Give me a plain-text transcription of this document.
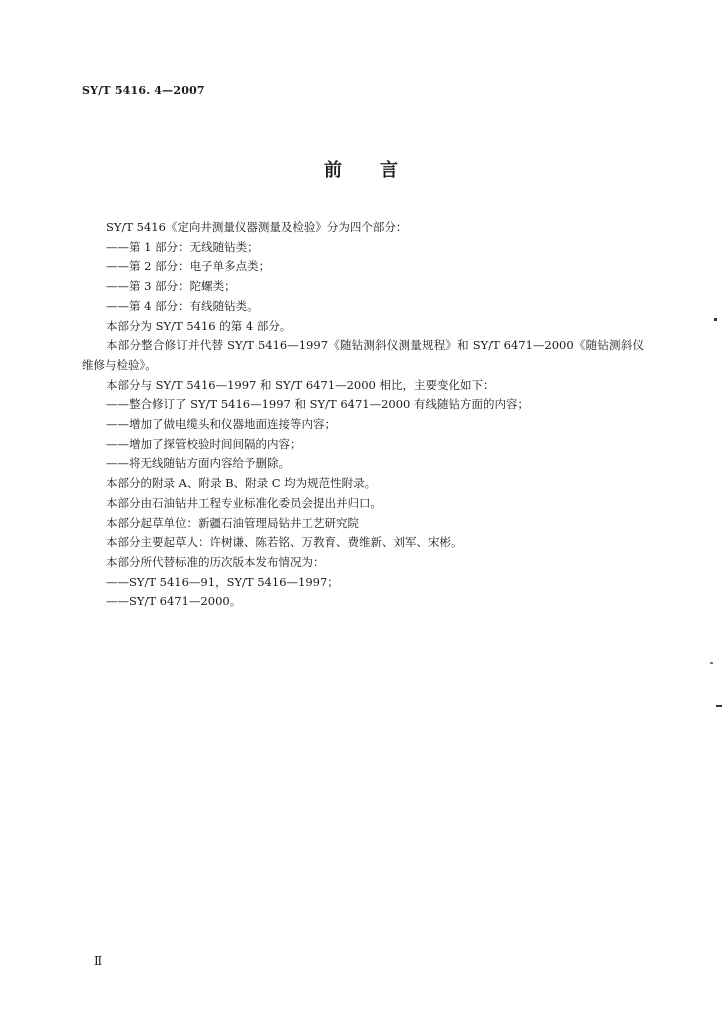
SY/T 5416. 4—2007
前言

SY/T 5416《定向井测量仪器测量及检验》分为四个部分：

——第 1 部分：无线随钻类；

——第 2 部分：电子单多点类；

——第 3 部分：陀螺类；

——第 4 部分：有线随钻类。

本部分为 SY/T 5416 的第 4 部分。

本部分整合修订并代替 SY/T 5416—1997《随钻测斜仪测量规程》和 SY/T 6471—2000《随钻测斜仪维修与检验》。

本部分与 SY/T 5416—1997 和 SY/T 6471—2000 相比，主要变化如下：

——整合修订了 SY/T 5416—1997 和 SY/T 6471—2000 有线随钻方面的内容；

——增加了做电缆头和仪器地面连接等内容；

——增加了探管校验时间间隔的内容；

——将无线随钻方面内容给予删除。

本部分的附录 A、附录 B、附录 C 均为规范性附录。

本部分由石油钻井工程专业标准化委员会提出并归口。

本部分起草单位：新疆石油管理局钻井工艺研究院

本部分主要起草人：许树谦、陈若铭、万教育、费维新、刘军、宋彬。

本部分所代替标准的历次版本发布情况为：

——SY/T 5416—91，SY/T 5416—1997；

——SY/T 6471—2000。

Ⅱ
